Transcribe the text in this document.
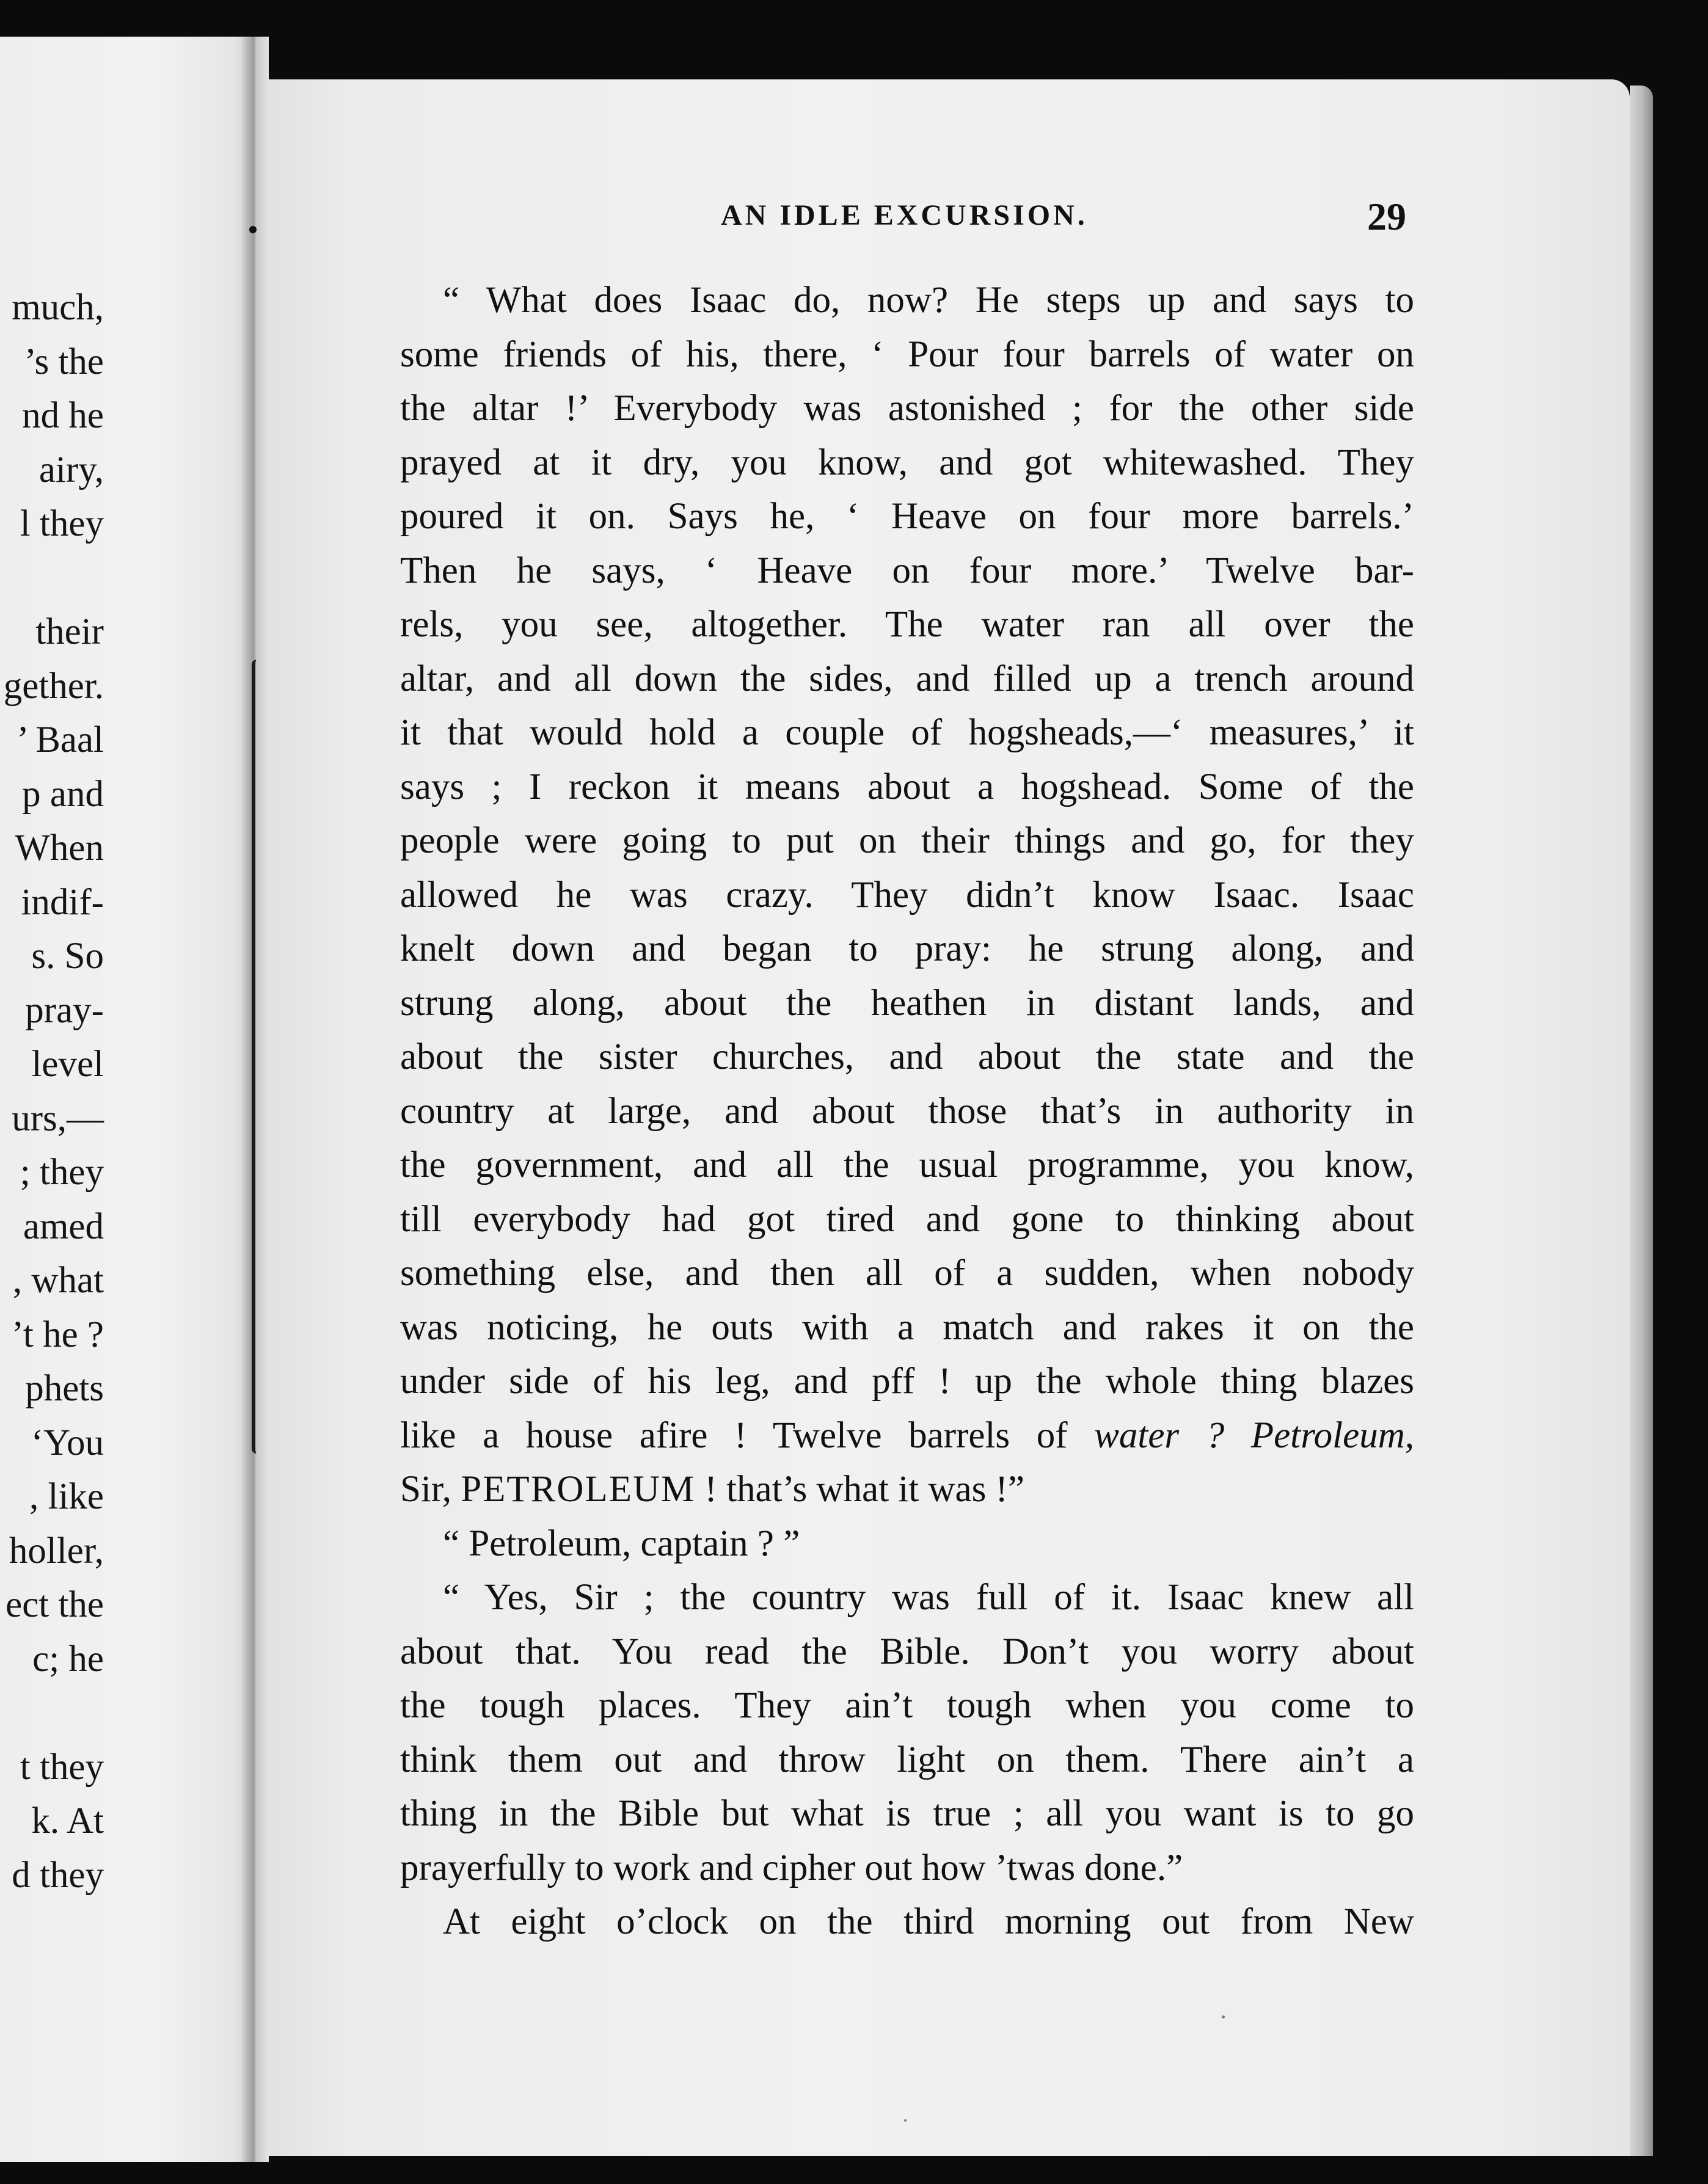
much,
’s the
nd he
airy,
l they

their
gether.
’ Baal
p and
When
indif-
s. So
pray-
level
urs,—
; they
amed
, what
’t he ?
phets
‘You
, like
holler,
ect the
c; he

t they
k. At
d they
AN IDLE EXCURSION.	29
“ What does Isaac do, now? He steps up and says to
some friends of his, there, ‘ Pour four barrels of water on
the altar !’ Everybody was astonished ; for the other side
prayed at it dry, you know, and got whitewashed. They
poured it on. Says he, ‘ Heave on four more barrels.’
Then he says, ‘ Heave on four more.’ Twelve bar-
rels, you see, altogether. The water ran all over the
altar, and all down the sides, and filled up a trench around
it that would hold a couple of hogsheads,—‘ measures,’ it
says ; I reckon it means about a hogshead. Some of the
people were going to put on their things and go, for they
allowed he was crazy. They didn’t know Isaac. Isaac
knelt down and began to pray: he strung along, and
strung along, about the heathen in distant lands, and
about the sister churches, and about the state and the
country at large, and about those that’s in authority in
the government, and all the usual programme, you know,
till everybody had got tired and gone to thinking about
something else, and then all of a sudden, when nobody
was noticing, he outs with a match and rakes it on the
under side of his leg, and pff ! up the whole thing blazes
like a house afire ! Twelve barrels of water ? Petroleum,
Sir, PETROLEUM ! that’s what it was !”
“ Petroleum, captain ? ”
“ Yes, Sir ; the country was full of it. Isaac knew all
about that. You read the Bible. Don’t you worry about
the tough places. They ain’t tough when you come to
think them out and throw light on them. There ain’t a
thing in the Bible but what is true ; all you want is to go
prayerfully to work and cipher out how ’twas done.”
At eight o’clock on the third morning out from New
